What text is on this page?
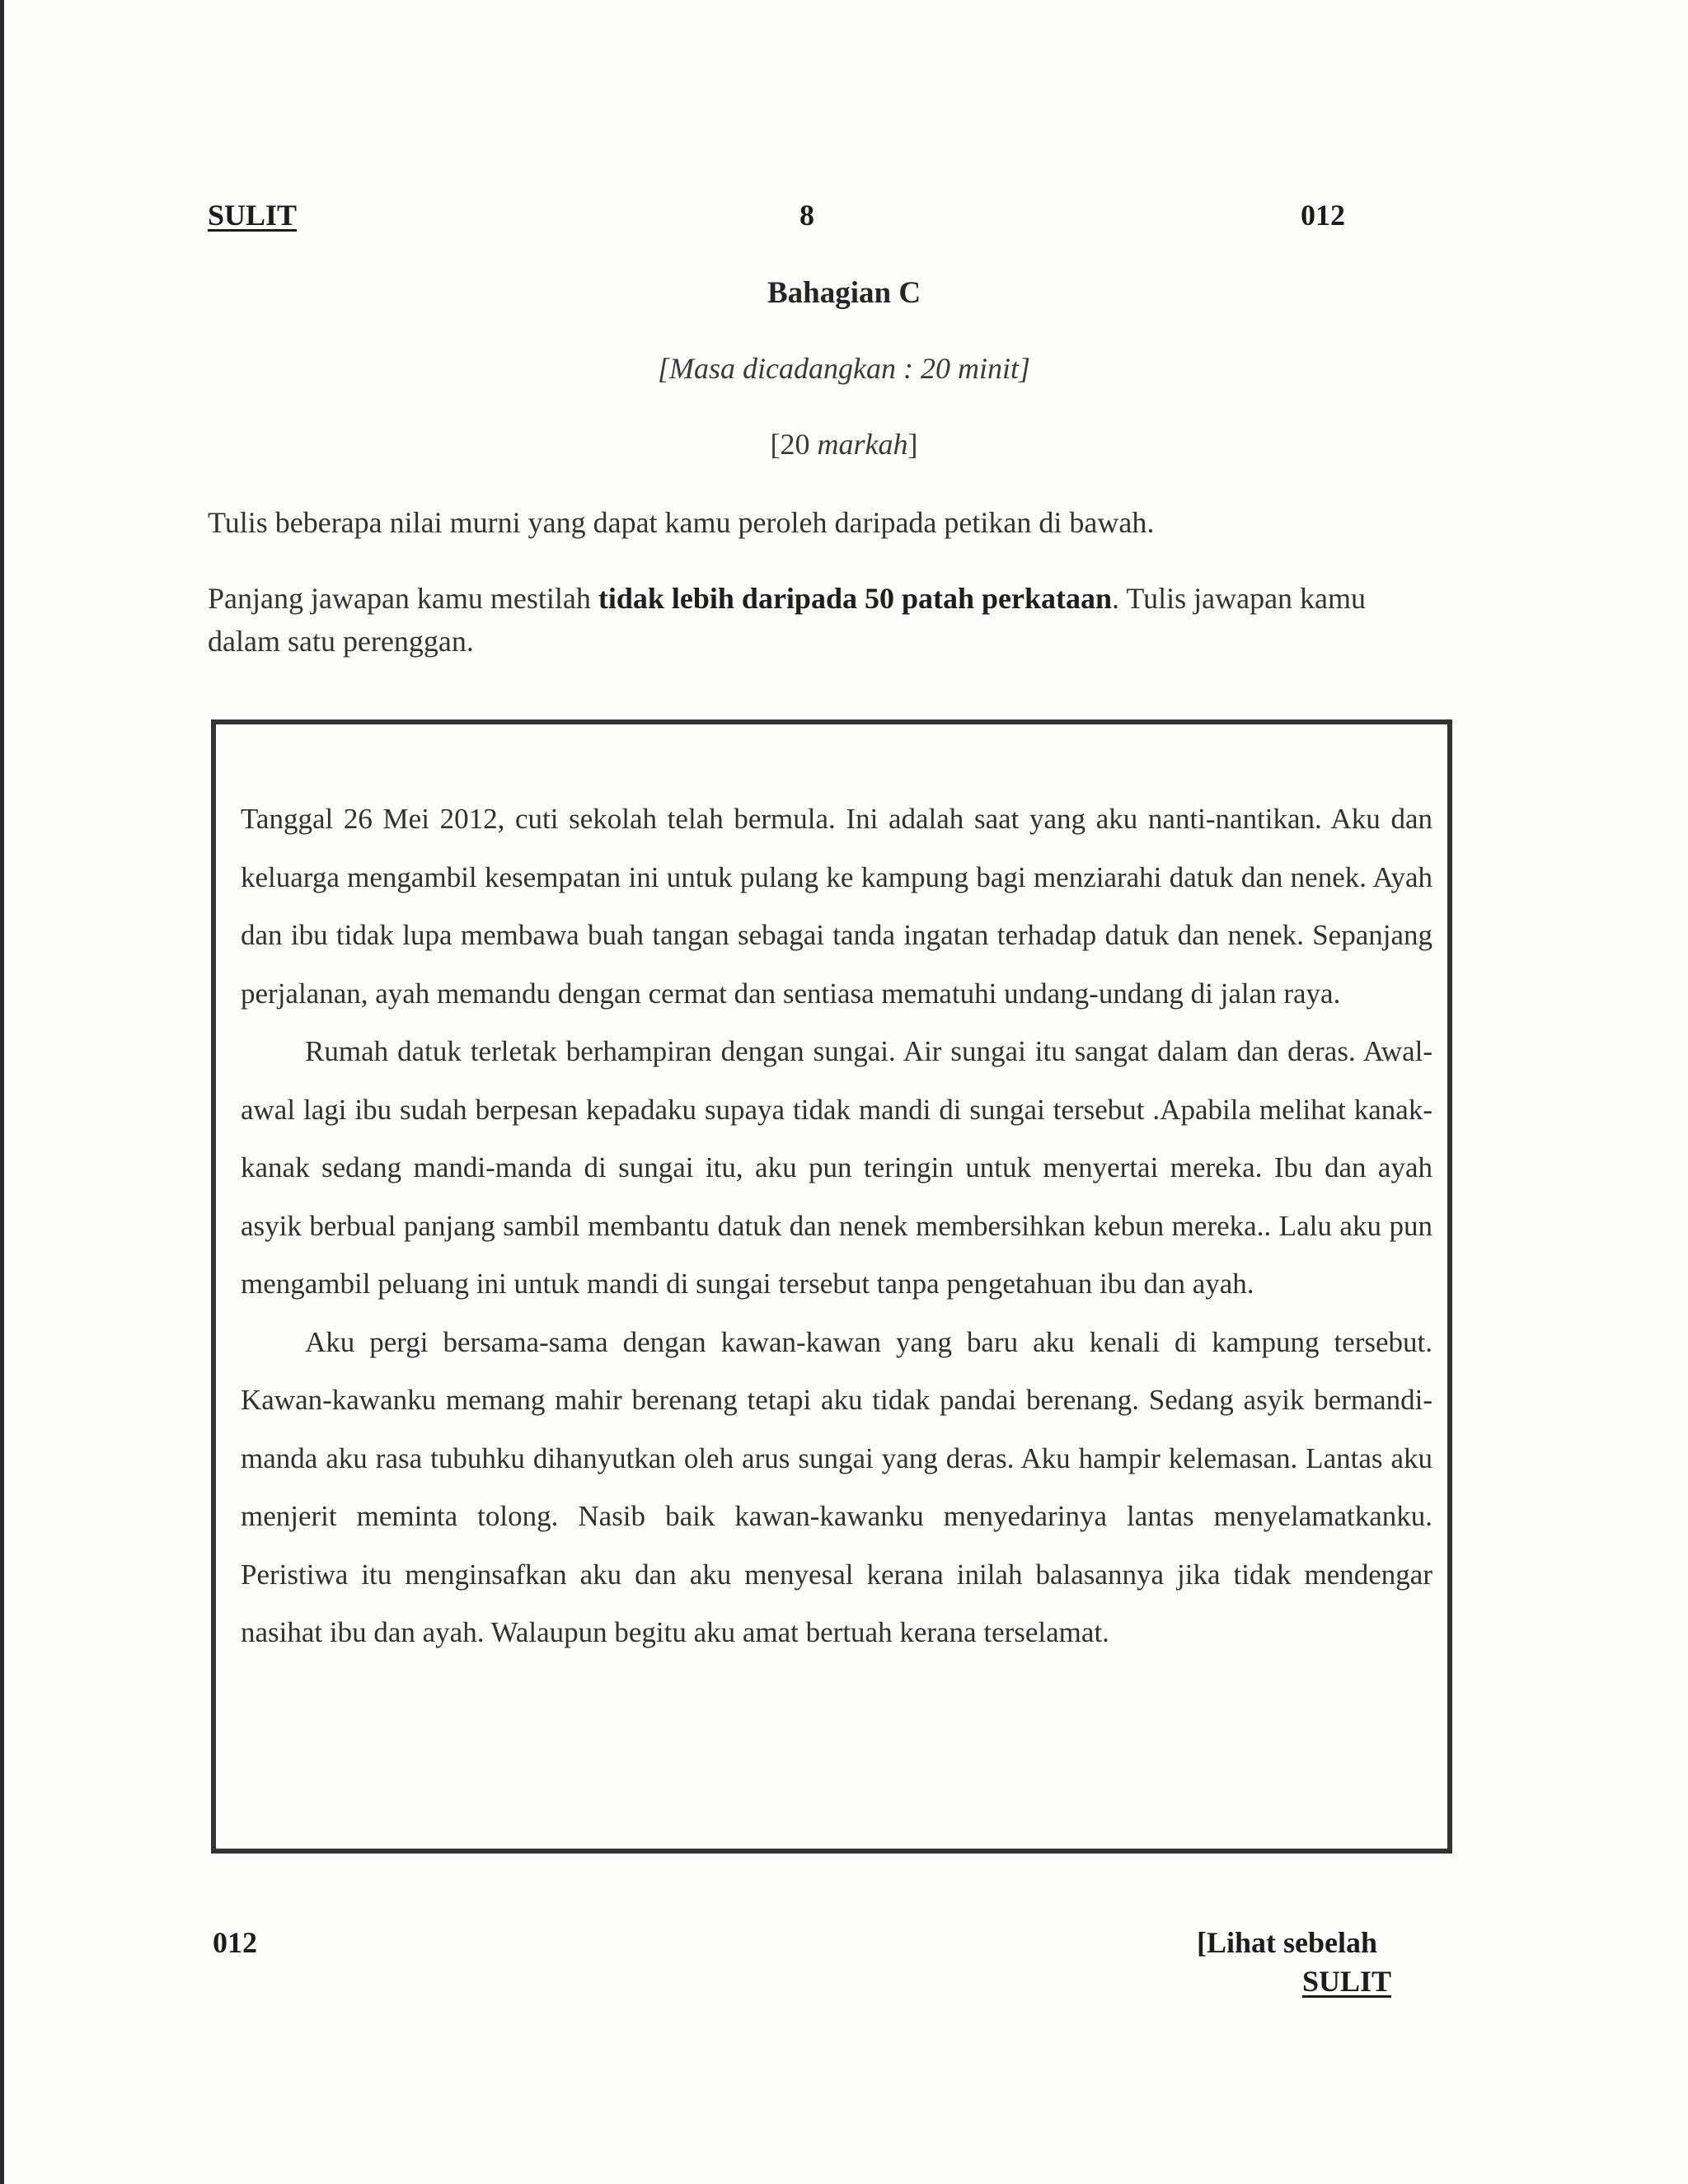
SULIT	8	012
Bahagian C
[Masa dicadangkan : 20 minit]
[20 markah]
Tulis beberapa nilai murni yang dapat kamu peroleh daripada petikan di bawah.
Panjang jawapan kamu mestilah tidak lebih daripada 50 patah perkataan. Tulis jawapan kamu dalam satu perenggan.

Tanggal 26 Mei 2012, cuti sekolah telah bermula. Ini adalah saat yang aku nanti-nantikan. Aku dan keluarga mengambil kesempatan ini untuk pulang ke kampung bagi menziarahi datuk dan nenek. Ayah dan ibu tidak lupa membawa buah tangan sebagai tanda ingatan terhadap datuk dan nenek. Sepanjang perjalanan, ayah memandu dengan cermat dan sentiasa mematuhi undang-undang di jalan raya.

Rumah datuk terletak berhampiran dengan sungai. Air sungai itu sangat dalam dan deras. Awal-awal lagi ibu sudah berpesan kepadaku supaya tidak mandi di sungai tersebut .Apabila melihat kanak-kanak sedang mandi-manda di sungai itu, aku pun teringin untuk menyertai mereka. Ibu dan ayah asyik berbual panjang sambil membantu datuk dan nenek membersihkan kebun mereka.. Lalu aku pun mengambil peluang ini untuk mandi di sungai tersebut tanpa pengetahuan ibu dan ayah.

Aku pergi bersama-sama dengan kawan-kawan yang baru aku kenali di kampung tersebut. Kawan-kawanku memang mahir berenang tetapi aku tidak pandai berenang. Sedang asyik bermandi-manda aku rasa tubuhku dihanyutkan oleh arus sungai yang deras. Aku hampir kelemasan. Lantas aku menjerit meminta tolong. Nasib baik kawan-kawanku menyedarinya lantas menyelamatkanku. Peristiwa itu menginsafkan aku dan aku menyesal kerana inilah balasannya jika tidak mendengar nasihat ibu dan ayah. Walaupun begitu aku amat bertuah kerana terselamat.

012	[Lihat sebelah
SULIT
